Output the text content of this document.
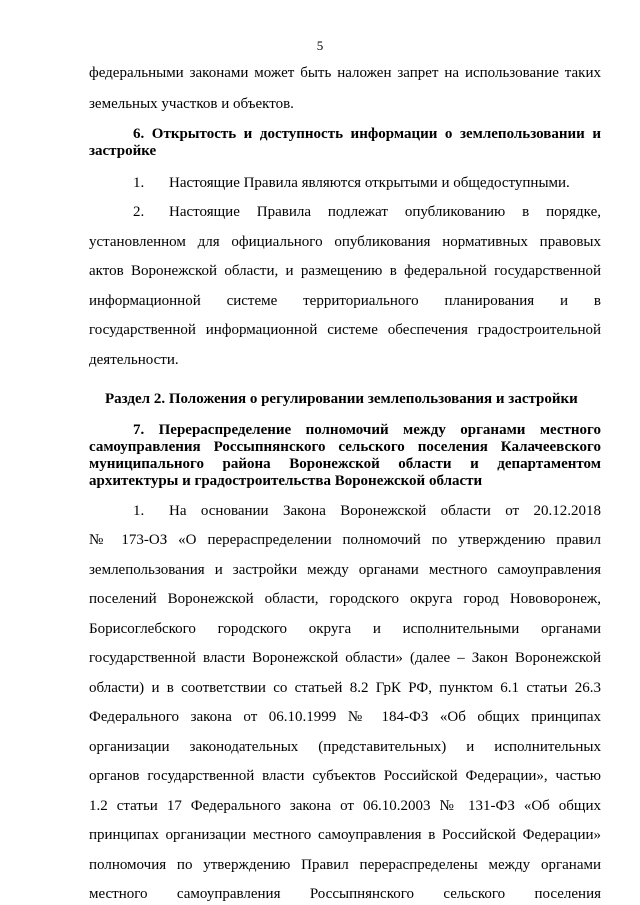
5
федеральными законами может быть наложен запрет на использование таких
земельных участков и объектов.
6. Открытость и доступность информации о землепользовании и
застройке
1. Настоящие Правила являются открытыми и общедоступными.
2. Настоящие Правила подлежат опубликованию в порядке,
установленном для официального опубликования нормативных правовых
актов Воронежской области, и размещению в федеральной государственной
информационной системе территориального планирования и в
государственной информационной системе обеспечения градостроительной
деятельности.
Раздел 2. Положения о регулировании землепользования и застройки
7. Перераспределение полномочий между органами местного
самоуправления Россыпнянского сельского поселения Калачеевского
муниципального района Воронежской области и департаментом
архитектуры и градостроительства Воронежской области
1. На основании Закона Воронежской области от 20.12.2018
№ 173-ОЗ «О перераспределении полномочий по утверждению правил
землепользования и застройки между органами местного самоуправления
поселений Воронежской области, городского округа город Нововоронеж,
Борисоглебского городского округа и исполнительными органами
государственной власти Воронежской области» (далее – Закон Воронежской
области) и в соответствии со статьей 8.2 ГрК РФ, пунктом 6.1 статьи 26.3
Федерального закона от 06.10.1999 № 184-ФЗ «Об общих принципах
организации законодательных (представительных) и исполнительных
органов государственной власти субъектов Российской Федерации», частью
1.2 статьи 17 Федерального закона от 06.10.2003 № 131-ФЗ «Об общих
принципах организации местного самоуправления в Российской Федерации»
полномочия по утверждению Правил перераспределены между органами
местного самоуправления Россыпнянского сельского поселения
